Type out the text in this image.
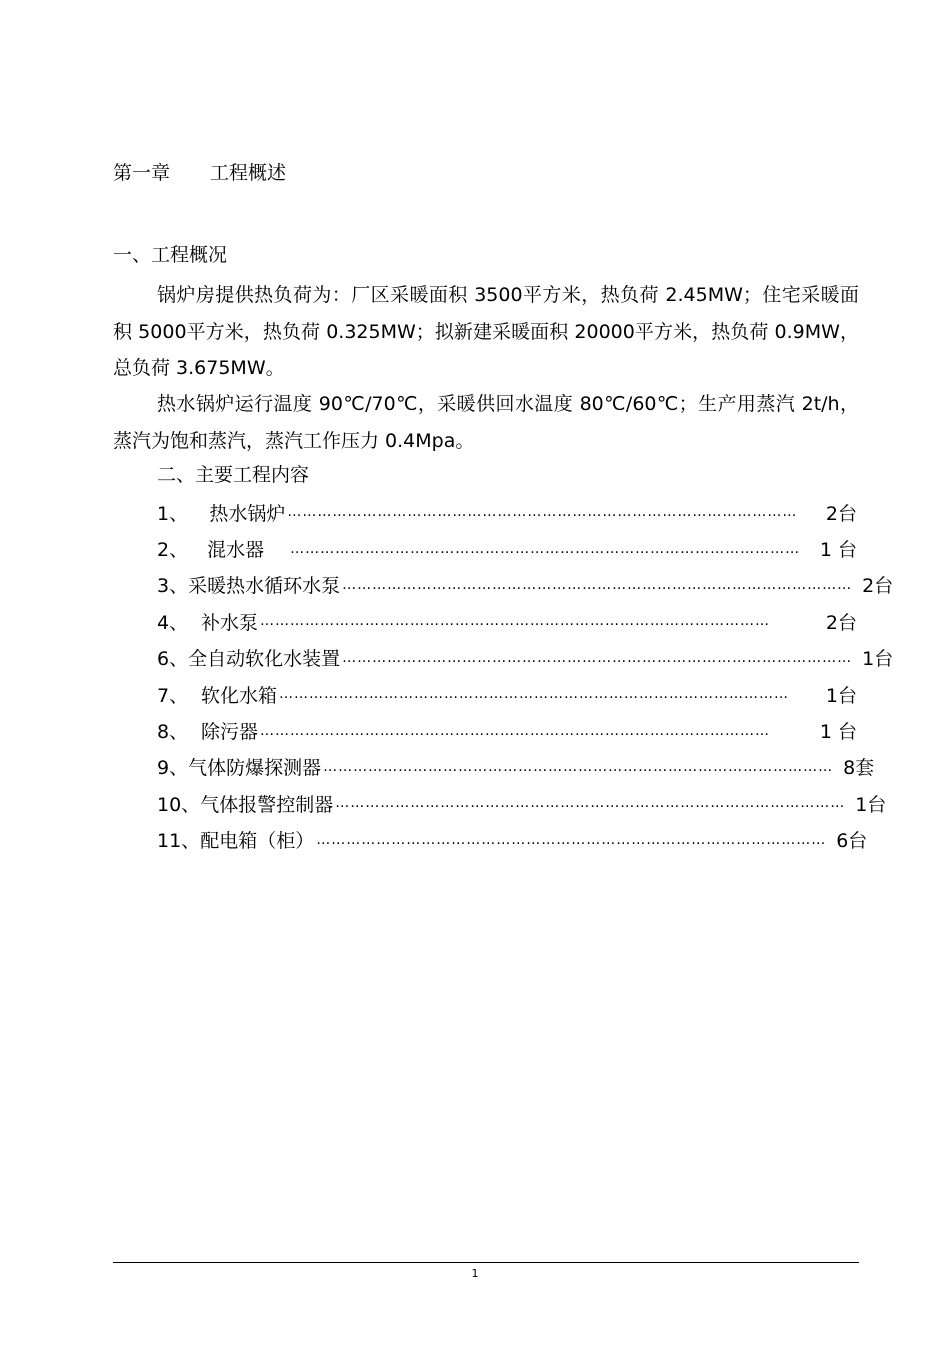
第一章 工程概述
一、工程概况
锅炉房提供热负荷为：厂区采暖面积 3500平方米，热负荷 2.45MW；住宅采暖面积 5000平方米，热负荷 0.325MW；拟新建采暖面积 20000平方米，热负荷 0.9MW，总负荷 3.675MW。
热水锅炉运行温度 90℃/70℃，采暖供回水温度 80℃/60℃；生产用蒸汽 2t/h，蒸汽为饱和蒸汽，蒸汽工作压力 0.4Mpa。
二、主要工程内容
1、	热水锅炉 …………………………………………………………………………………………	2台
2、	混水器 …………………………………………………………………………………………	1 台
3、 采暖热水循环水泵 ………………………………………………………………………………………… 2台
4、 补水泵 …………………………………………………………………………………………	2台
6、 全自动软化水装置 ………………………………………………………………………………………… 1台
7、 软化水箱 …………………………………………………………………………………………	1台
8、 除污器 …………………………………………………………………………………………	1 台
9、 气体防爆探测器 ………………………………………………………………………………………… 8套
10、 气体报警控制器 ………………………………………………………………………………………… 1台
11、 配电箱（柜） ………………………………………………………………………………………… 6台
1
